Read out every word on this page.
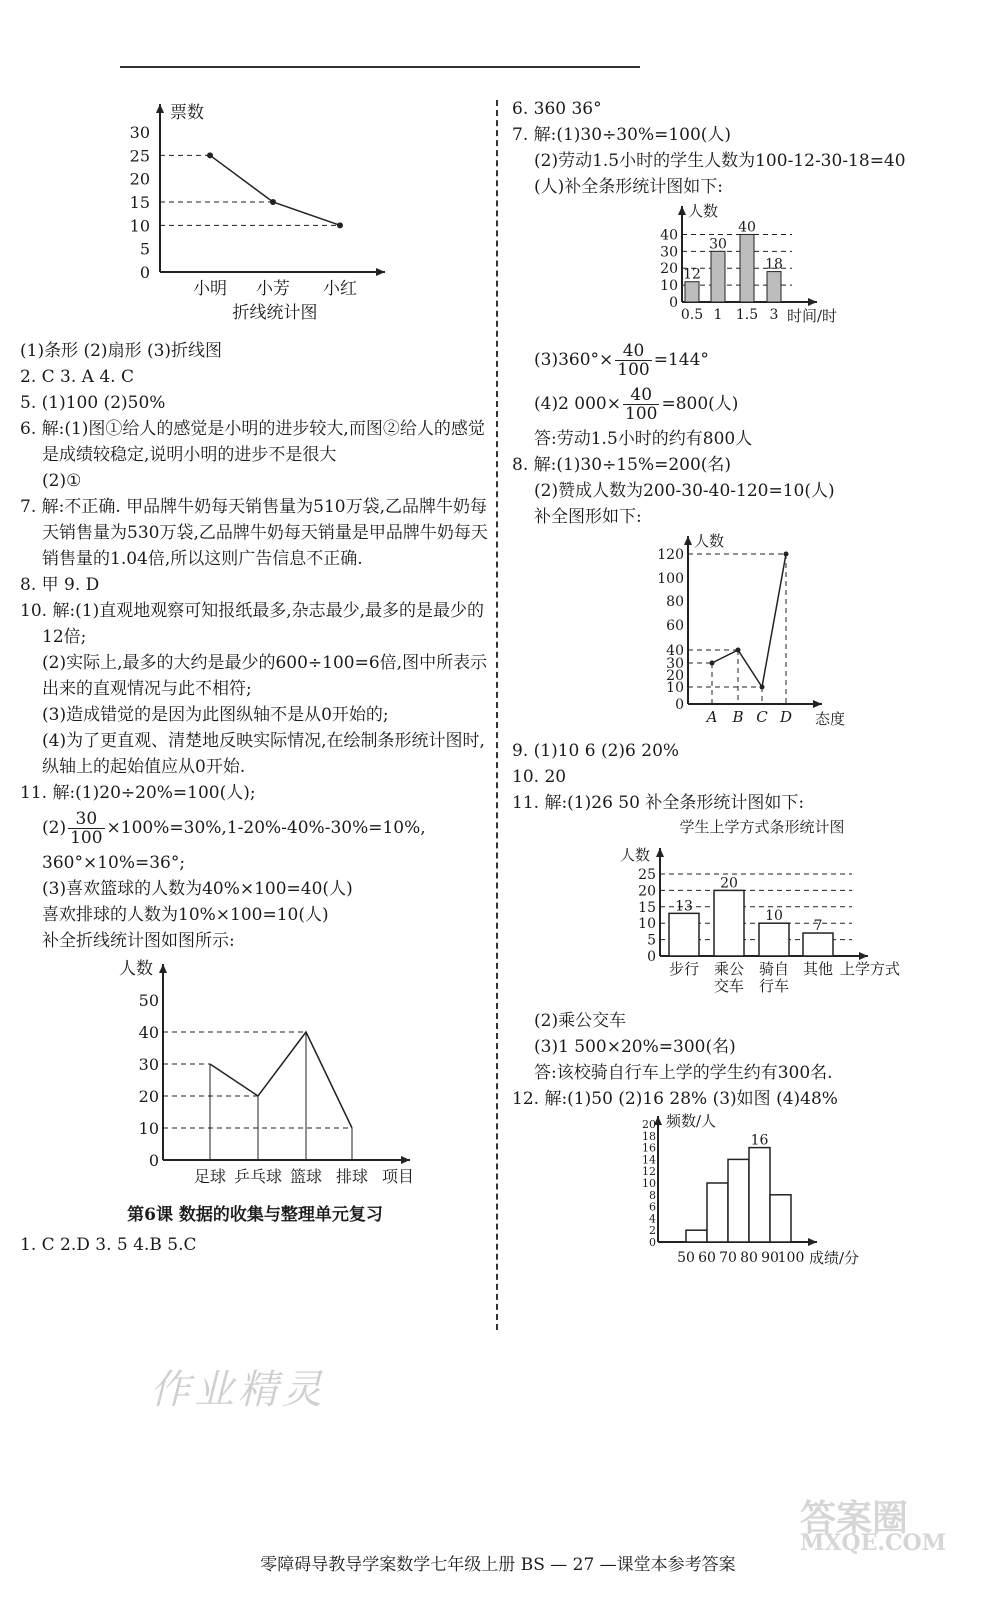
票数
0
5
10
15
20
25
30
小明 小芳 小红
折线统计图
(1)条形 (2)扇形 (3)折线图
2. C 3. A 4. C
5. (1)100 (2)50%
6. 解:(1)图①给人的感觉是小明的进步较大,而图②给人的感觉是成绩较稳定,说明小明的进步不是很大
(2)①
7. 解:不正确. 甲品牌牛奶每天销售量为510万袋,乙品牌牛奶每天销售量为530万袋,乙品牌牛奶每天销量是甲品牌牛奶每天销售量的1.04倍,所以这则广告信息不正确.
8. 甲 9. D
10. 解:(1)直观地观察可知报纸最多,杂志最少,最多的是最少的12倍;
(2)实际上,最多的大约是最少的600÷100=6倍,图中所表示出来的直观情况与此不相符;
(3)造成错觉的是因为此图纵轴不是从0开始的;
(4)为了更直观、清楚地反映实际情况,在绘制条形统计图时,纵轴上的起始值应从0开始.
11. 解:(1)20÷20%=100(人);
$(2) \frac{30}{100} \times 100\%=30\%,1-20\%-40\%-30\%=10\%$,
360°×10%=36°;
(3)喜欢篮球的人数为40%×100=40(人)
喜欢排球的人数为10%×100=10(人)
补全折线统计图如图所示:
人数
0
10
20
30
40
50
足球 乒乓球 篮球 排球 项目
第6课 数据的收集与整理单元复习
1. C 2.D 3. 5 4.B 5.C
6. 360 36°
7. 解:(1)30÷30%=100(人)
(2)劳动1.5小时的学生人数为100-12-30-18=40
(人)补全条形统计图如下:
人数
0
10
20
30
40
12
0.5
30
1
40
1.5
18
3 时间/时
$(3)360^\circ\times \frac{40}{100} =144^\circ$
(4)2 $000\times \frac{40}{100} =800$(人)
答:劳动1.5小时的约有800人
8. 解:(1)30÷15%=200(名)
(2)赞成人数为200-30-40-120=10(人)
补全图形如下:
0
10
20
30
40
60
80
100
120
人数
A B C D 态度
9. (1)10 6 (2)6 20%
10. 20
11. 解:(1)26 50 补全条形统计图如下:
学生上学方式条形统计图
人数
0
5
10
15
20
25
13
步行
20
乘公
交车
10
骑自
行车
7
其他 上学方式
(2)乘公交车
(3)1 500×20%=300(名)
答:该校骑自行车上学的学生约有300名.
12. 解:(1)50 (2)16 28% (3)如图 (4)48%
频数/人
0
2
4
6
8
10
12
14
16
18
20
16
50 60 70 80 90
100 成绩/分
作业精灵
答案圈
MXQE.COM
零障碍导教导学案数学七年级上册 BS — 27 —课堂本参考答案
